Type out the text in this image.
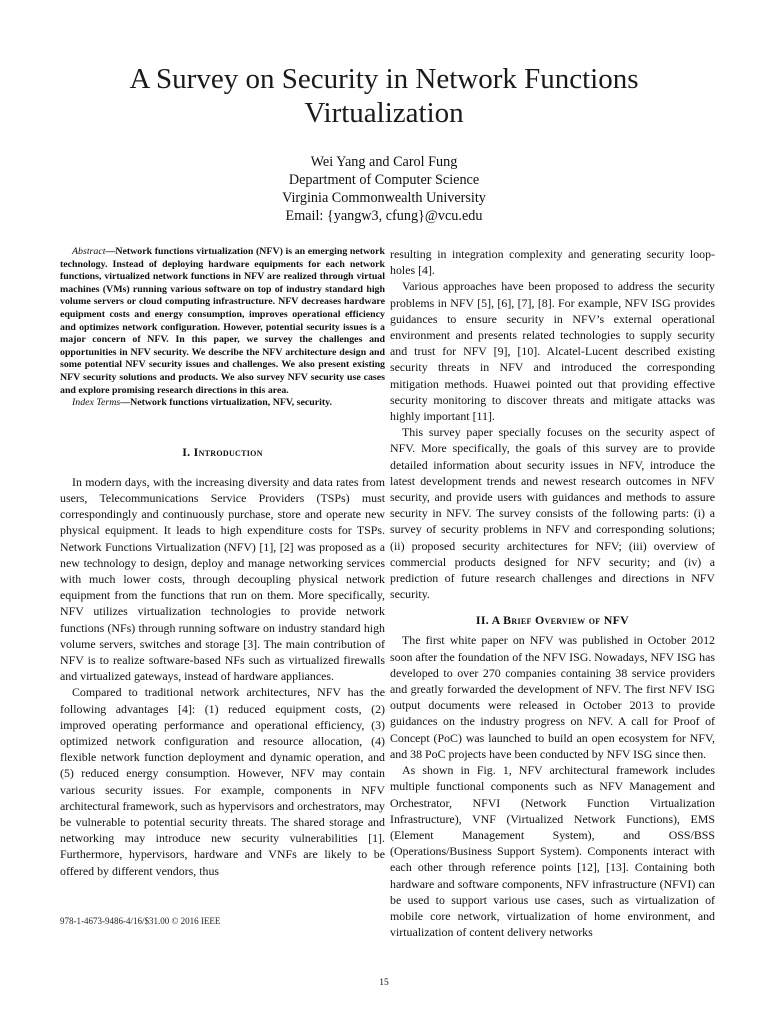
A Survey on Security in Network Functions Virtualization
Wei Yang and Carol Fung
Department of Computer Science
Virginia Commonwealth University
Email: {yangw3, cfung}@vcu.edu

Abstract—Network functions virtualization (NFV) is an emerging network technology. Instead of deploying hardware equipments for each network functions, virtualized network functions in NFV are realized through virtual machines (VMs) running various software on top of industry standard high volume servers or cloud computing infrastructure. NFV decreases hardware equipment costs and energy consumption, improves operational efficiency and optimizes network configuration. However, potential security issues is a major concern of NFV. In this paper, we survey the challenges and opportunities in NFV security. We describe the NFV architecture design and some potential NFV security issues and challenges. We also present existing NFV security solutions and products. We also survey NFV security use cases and explore promising research directions in this area.

Index Terms—Network functions virtualization, NFV, security.

I. Introduction

In modern days, with the increasing diversity and data rates from users, Telecommunications Service Providers (TSPs) must correspondingly and continuously purchase, store and operate new physical equipment. It leads to high expenditure costs for TSPs. Network Functions Virtualization (NFV) [1], [2] was proposed as a new technology to design, deploy and manage networking services with much lower costs, through decoupling physical network equipment from the functions that run on them. More specifically, NFV utilizes virtualization technologies to provide network functions (NFs) through running software on industry standard high volume servers, switches and storage [3]. The main contribution of NFV is to realize software-based NFs such as virtualized firewalls and virtualized gateways, instead of hardware appliances.

Compared to traditional network architectures, NFV has the following advantages [4]: (1) reduced equipment costs, (2) improved operating performance and operational efficiency, (3) optimized network configuration and resource allocation, (4) flexible network function deployment and dynamic operation, and (5) reduced energy consumption. However, NFV may contain various security issues. For example, components in NFV architectural framework, such as hypervisors and orchestrators, may be vulnerable to potential security threats. The shared storage and networking may introduce new security vulnerabilities [1]. Furthermore, hypervisors, hardware and VNFs are likely to be offered by different vendors, thus

resulting in integration complexity and generating security loop-holes [4].

Various approaches have been proposed to address the security problems in NFV [5], [6], [7], [8]. For example, NFV ISG provides guidances to ensure security in NFV’s external operational environment and presents related technologies to supply security and trust for NFV [9], [10]. Alcatel-Lucent described existing security threats in NFV and introduced the corresponding mitigation methods. Huawei pointed out that providing effective security monitoring to discover threats and mitigate attacks was highly important [11].

This survey paper specially focuses on the security aspect of NFV. More specifically, the goals of this survey are to provide detailed information about security issues in NFV, introduce the latest development trends and newest research outcomes in NFV security, and provide users with guidances and methods to assure security in NFV. The survey consists of the following parts: (i) a survey of security problems in NFV and corresponding solutions; (ii) proposed security architectures for NFV; (iii) overview of commercial products designed for NFV security; and (iv) a prediction of future research challenges and directions in NFV security.

II. A Brief Overview of NFV

The first white paper on NFV was published in October 2012 soon after the foundation of the NFV ISG. Nowadays, NFV ISG has developed to over 270 companies containing 38 service providers and greatly forwarded the development of NFV. The first NFV ISG output documents were released in October 2013 to provide guidances on the industry progress on NFV. A call for Proof of Concept (PoC) was launched to build an open ecosystem for NFV, and 38 PoC projects have been conducted by NFV ISG since then.

As shown in Fig. 1, NFV architectural framework includes multiple functional components such as NFV Management and Orchestrator, NFVI (Network Function Virtualization Infrastructure), VNF (Virtualized Network Functions), EMS (Element Management System), and OSS/BSS (Operations/Business Support System). Components interact with each other through reference points [12], [13]. Containing both hardware and software components, NFV infrastructure (NFVI) can be used to support various use cases, such as virtualization of mobile core network, virtualization of home environment, and virtualization of content delivery networks

978-1-4673-9486-4/16/$31.00 © 2016 IEEE
15
